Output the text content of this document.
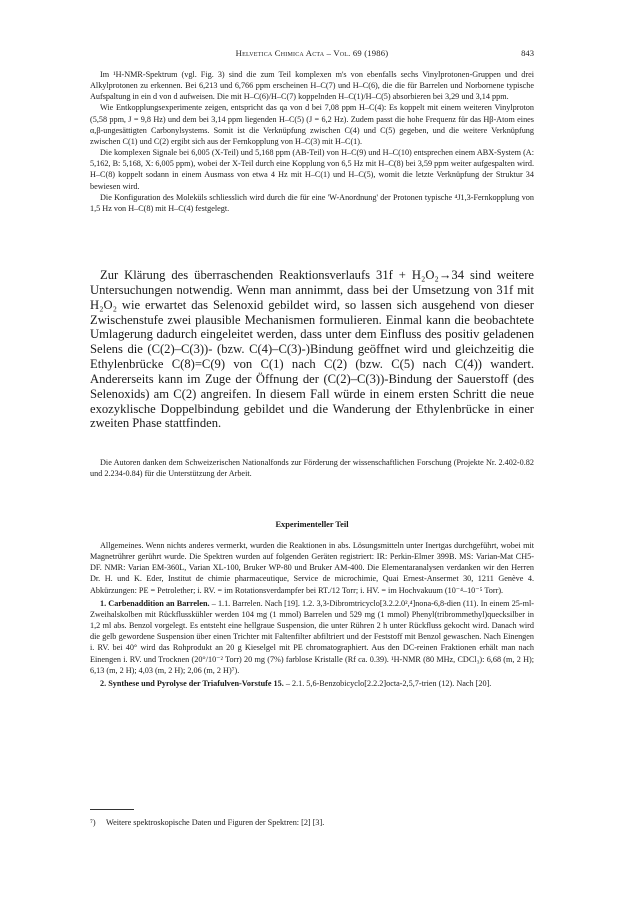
Helvetica Chimica Acta – Vol. 69 (1986)	843

Im ¹H-NMR-Spektrum (vgl. Fig. 3) sind die zum Teil komplexen m's von ebenfalls sechs Vinylprotonen-Gruppen und drei Alkylprotonen zu erkennen. Bei 6,213 und 6,766 ppm erscheinen H–C(7) und H–C(6), die die für Barrelen und Norbornene typische Aufspaltung in ein d von d aufweisen. Die mit H–C(6)/H–C(7) koppelnden H–C(1)/H–C(5) absorbieren bei 3,29 und 3,14 ppm.

Wie Entkopplungsexperimente zeigen, entspricht das qa von d bei 7,08 ppm H–C(4): Es koppelt mit einem weiteren Vinylproton (5,58 ppm, J = 9,8 Hz) und dem bei 3,14 ppm liegenden H–C(5) (J = 6,2 Hz). Zudem passt die hohe Frequenz für das Hβ-Atom eines α,β-ungesättigten Carbonylsystems. Somit ist die Verknüpfung zwischen C(4) und C(5) gegeben, und die weitere Verknüpfung zwischen C(1) und C(2) ergibt sich aus der Fernkopplung von H–C(3) mit H–C(1).

Die komplexen Signale bei 6,005 (X-Teil) und 5,168 ppm (AB-Teil) von H–C(9) und H–C(10) entsprechen einem ABX-System (A: 5,162, B: 5,168, X: 6,005 ppm), wobei der X-Teil durch eine Kopplung von 6,5 Hz mit H–C(8) bei 3,59 ppm weiter aufgespalten wird. H–C(8) koppelt sodann in einem Ausmass von etwa 4 Hz mit H–C(1) und H–C(5), womit die letzte Verknüpfung der Struktur 34 bewiesen wird.

Die Konfiguration des Moleküls schliesslich wird durch die für eine 'W-Anordnung' der Protonen typische ⁴J1,3-Fernkopplung von 1,5 Hz von H–C(8) mit H–C(4) festgelegt.

Zur Klärung des überraschenden Reaktionsverlaufs 31f + H₂O₂→34 sind weitere Untersuchungen notwendig. Wenn man annimmt, dass bei der Umsetzung von 31f mit H₂O₂ wie erwartet das Selenoxid gebildet wird, so lassen sich ausgehend von dieser Zwischenstufe zwei plausible Mechanismen formulieren. Einmal kann die beobachtete Umlagerung dadurch eingeleitet werden, dass unter dem Einfluss des positiv geladenen Selens die (C(2)–C(3))- (bzw. C(4)–C(3)-)Bindung geöffnet wird und gleichzeitig die Ethylenbrücke C(8)=C(9) von C(1) nach C(2) (bzw. C(5) nach C(4)) wandert. Andererseits kann im Zuge der Öffnung der (C(2)–C(3))-Bindung der Sauerstoff (des Selenoxids) am C(2) angreifen. In diesem Fall würde in einem ersten Schritt die neue exozyklische Doppelbindung gebildet und die Wanderung der Ethylenbrücke in einer zweiten Phase stattfinden.

Die Autoren danken dem Schweizerischen Nationalfonds zur Förderung der wissenschaftlichen Forschung (Projekte Nr. 2.402-0.82 und 2.234-0.84) für die Unterstützung der Arbeit.

Experimenteller Teil

Allgemeines. Wenn nichts anderes vermerkt, wurden die Reaktionen in abs. Lösungsmitteln unter Inertgas durchgeführt, wobei mit Magnetrührer gerührt wurde. Die Spektren wurden auf folgenden Geräten registriert: IR: Perkin-Elmer 399B. MS: Varian-Mat CH5-DF. NMR: Varian EM-360L, Varian XL-100, Bruker WP-80 und Bruker AM-400. Die Elementaranalysen verdanken wir den Herren Dr. H. und K. Eder, Institut de chimie pharmaceutique, Service de microchimie, Quai Ernest-Ansermet 30, 1211 Genève 4. Abkürzungen: PE = Petrolether; i. RV. = im Rotationsverdampfer bei RT./12 Torr; i. HV. = im Hochvakuum (10⁻⁴–10⁻⁵ Torr).

1. Carbenaddition an Barrelen. – 1.1. Barrelen. Nach [19]. 1.2. 3,3-Dibromtricyclo[3.2.2.0²,⁴]nona-6,8-dien (11). In einem 25-ml-Zweihalskolben mit Rückflusskühler werden 104 mg (1 mmol) Barrelen und 529 mg (1 mmol) Phenyl(tribrommethyl)quecksilber in 1,2 ml abs. Benzol vorgelegt. Es entsteht eine hellgraue Suspension, die unter Rühren 2 h unter Rückfluss gekocht wird. Danach wird die gelb gewordene Suspension über einen Trichter mit Faltenfilter abfiltriert und der Feststoff mit Benzol gewaschen. Nach Einengen i. RV. bei 40° wird das Rohprodukt an 20 g Kieselgel mit PE chromatographiert. Aus den DC-reinen Fraktionen erhält man nach Einengen i. RV. und Trocknen (20°/10⁻² Torr) 20 mg (7%) farblose Kristalle (Rf ca. 0.39). ¹H-NMR (80 MHz, CDCl₃): 6,68 (m, 2 H); 6,13 (m, 2 H); 4,03 (m, 2 H); 2,06 (m, 2 H)⁷).

2. Synthese und Pyrolyse der Triafulven-Vorstufe 15. – 2.1. 5,6-Benzobicyclo[2.2.2]octa-2,5,7-trien (12). Nach [20].

⁷) Weitere spektroskopische Daten und Figuren der Spektren: [2] [3].
